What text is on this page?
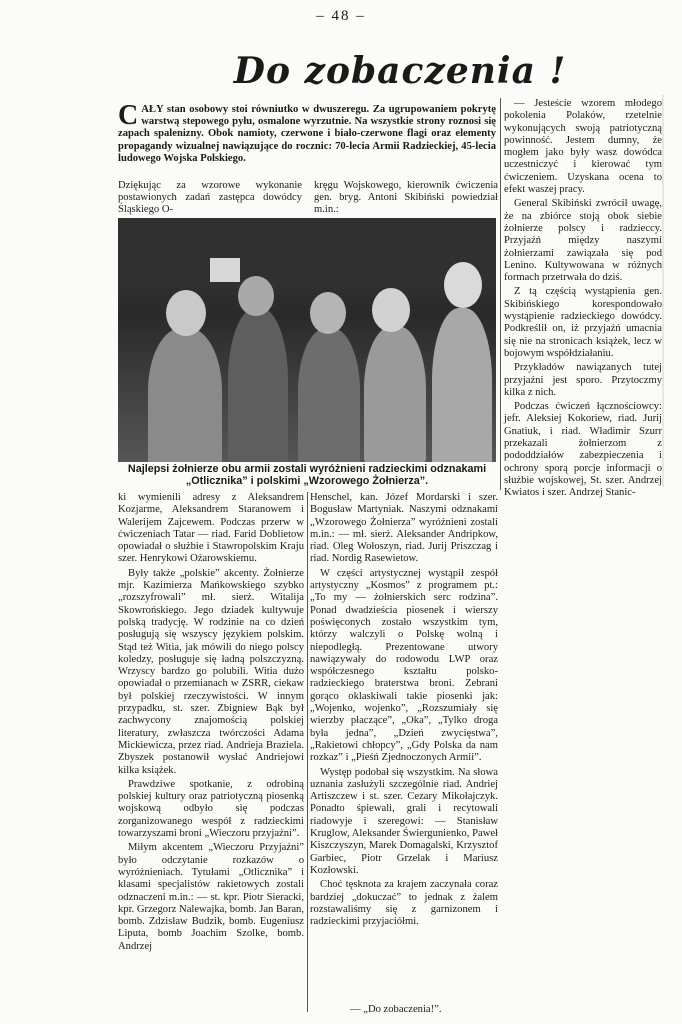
– 48 –
Do zobaczenia !
CAŁY stan osobowy stoi równiutko w dwuszeregu. Za ugrupowaniem pokrytę warstwą stepowego pyłu, osmalone wyrzutnie. Na wszystkie strony roznosi się zapach spalenizny. Obok namioty, czerwone i biało-czerwone flagi oraz elementy propagandy wizualnej nawiązujące do rocznic: 70-lecia Armii Radzieckiej, 45-lecia ludowego Wojska Polskiego.
Dziękując za wzorowe wykonanie postawionych zadań zastępca dowódcy Śląskiego O-
kręgu Wojskowego, kierownik ćwiczenia gen. bryg. Antoni Skibiński powiedział m.in.:
Najlepsi żołnierze obu armii zostali wyróżnieni radzieckimi odznakami „Otlicznika” i polskimi „Wzorowego Żołnierza”.

ki wymienili adresy z Aleksandrem Kozjarme, Aleksandrem Staranowem i Walerijem Zajcewem. Podczas przerw w ćwiczeniach Tatar — riad. Farid Doblietow opowiadał o służbie i Stawropolskim Kraju szer. Henrykowi Ożarowskiemu.

Były także „polskie” akcenty. Żołnierze mjr. Kazimierza Mańkowskiego szybko „rozszyfrowali” mł. sierż. Witalija Skowrońskiego. Jego dziadek kultywuje polską tradycję. W rodzinie na co dzień posługują się wszyscy językiem polskim. Stąd też Witia, jak mówili do niego polscy koledzy, posługuje się ładną polszczyzną. Wrzyscy bardzo go polubili. Witia dużo opowiadał o przemianach w ZSRR, ciekaw był polskiej rzeczywistości. W innym przypadku, st. szer. Zbigniew Bąk był zachwycony znajomością polskiej literatury, zwłaszcza twórczości Adama Mickiewicza, przez riad. Andrieja Braziela. Zbyszek postanowił wysłać Andriejowi kilka książek.

Prawdziwe spotkanie, z odrobiną polskiej kultury oraz patriotyczną piosenką wojskową odbyło się podczas zorganizowanego wespół z radzieckimi towarzyszami broni „Wieczoru przyjaźni”.

Miłym akcentem „Wieczoru Przyjaźni” było odczytanie rozkazów o wyróżnieniach. Tytułami „Otlicznika” i klasami specjalistów rakietowych zostali odznaczeni m.in.: — st. kpr. Piotr Sieracki, kpr. Grzegorz Nalewajka, bomb. Jan Baran, bomb. Zdzisław Budzik, bomb. Eugeniusz Liputa, bomb Joachim Szolke, bomb. Andrzej

Henschel, kan. Józef Mordarski i szer. Bogusław Martyniak. Naszymi odznakami „Wzorowego Żołnierza” wyróżnieni zostali m.in.: — mł. sierż. Aleksander Andripkow, riad. Oleg Wołoszyn, riad. Jurij Priszczag i riad. Nordig Rasewietow.

W części artystycznej wystąpił zespół artystyczny „Kosmos” z programem pt.: „To my — żołnierskich serc rodzina”. Ponad dwadzieścia piosenek i wierszy poświęconych zostało wszystkim tym, którzy walczyli o Polskę wolną i niepodległą. Prezentowane utwory nawiązywały do rodowodu LWP oraz współczesnego kształtu polsko-radzieckiego braterstwa broni. Zebrani gorąco oklaskiwali takie piosenki jak: „Wojenko, wojenko”, „Rozszumiały się wierzby płaczące”, „Oka”, „Tylko droga była jedna”, „Dzień zwycięstwa”, „Rakietowi chłopcy”, „Gdy Polska da nam rozkaz” i „Pieśń Zjednoczonych Armii”.

Występ podobał się wszystkim. Na słowa uznania zasłużyli szczególnie riad. Andriej Artiszczew i st. szer. Cezary Mikołajczyk. Ponadto śpiewali, grali i recytowali riadowyje i szeregowi: — Stanisław Kruglow, Aleksander Świergunienko, Paweł Kiszczyszyn, Marek Domagalski, Krzysztof Garbiec, Piotr Grzelak i Mariusz Kozłowski.

Choć tęsknota za krajem zaczynała coraz bardziej „dokuczać” to jednak z żalem rozstawaliśmy się z garnizonem i radzieckimi przyjaciółmi.

— „Do zobaczenia!”.

— Jesteście wzorem młodego pokolenia Polaków, rzetelnie wykonujących swoją patriotyczną powinność. Jestem dumny, że mogłem jako były wasz dowódca uczestniczyć i kierować tym ćwiczeniem. Uzyskana ocena to efekt waszej pracy.

General Skibiński zwrócił uwagę, że na zbiórce stoją obok siebie żołnierze polscy i radzieccy. Przyjaźń między naszymi żołnierzami zawiązała się pod Lenino. Kultywowana w różnych formach przetrwała do dziś.

Z tą częścią wystąpienia gen. Skibińskiego korespondowało wystąpienie radzieckiego dowódcy. Podkreślił on, iż przyjaźń umacnia się nie na stronicach książek, lecz w bojowym współdziałaniu.

Przykładów nawiązanych tutej przyjaźni jest sporo. Przytoczmy kilka z nich.

Podczas ćwiczeń łącznościowcy: jefr. Aleksiej Kokoriew, riad. Jurij Gnatiuk, i riad. Władimir Szurr przekazali żołnierzom z pododdziałów zabezpieczenia i ochrony sporą porcje informacji o służbie wojskowej, St. szer. Andrzej Kwiatos i szer. Andrzej Stanic-
